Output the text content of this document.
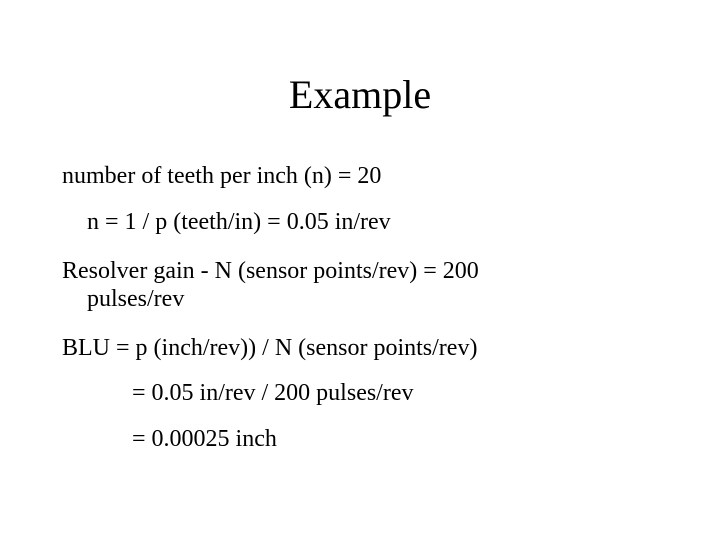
Example
number of teeth per inch (n) = 20
n = 1 / p (teeth/in) = 0.05 in/rev
Resolver gain - N (sensor points/rev) = 200
pulses/rev
BLU = p (inch/rev)) / N (sensor points/rev)
= 0.05 in/rev / 200 pulses/rev
= 0.00025 inch
